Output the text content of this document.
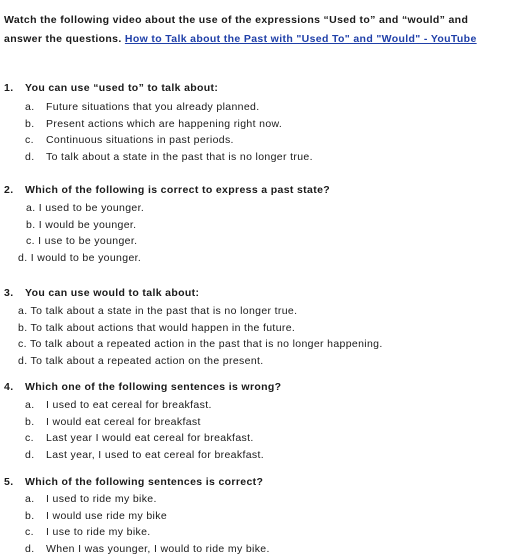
Watch the following video about the use of the expressions “Used to” and “would” and answer the questions. How to Talk about the Past with "Used To" and "Would" - YouTube
1. You can use “used to” to talk about:
a. Future situations that you already planned.
b. Present actions which are happening right now.
c. Continuous situations in past periods.
d. To talk about a state in the past that is no longer true.
2. Which of the following is correct to express a past state?
a. I used to be younger.
b. I would be younger.
c. I use to be younger.
d. I would to be younger.
3. You can use would to talk about:
a. To talk about a state in the past that is no longer true.
b. To talk about actions that would happen in the future.
c. To talk about a repeated action in the past that is no longer happening.
d. To talk about a repeated action on the present.
4. Which one of the following sentences is wrong?
a. I used to eat cereal for breakfast.
b. I would eat cereal for breakfast
c. Last year I would eat cereal for breakfast.
d. Last year, I used to eat cereal for breakfast.
5. Which of the following sentences is correct?
a. I used to ride my bike.
b. I would use ride my bike
c. I use to ride my bike.
d. When I was younger, I would to ride my bike.
